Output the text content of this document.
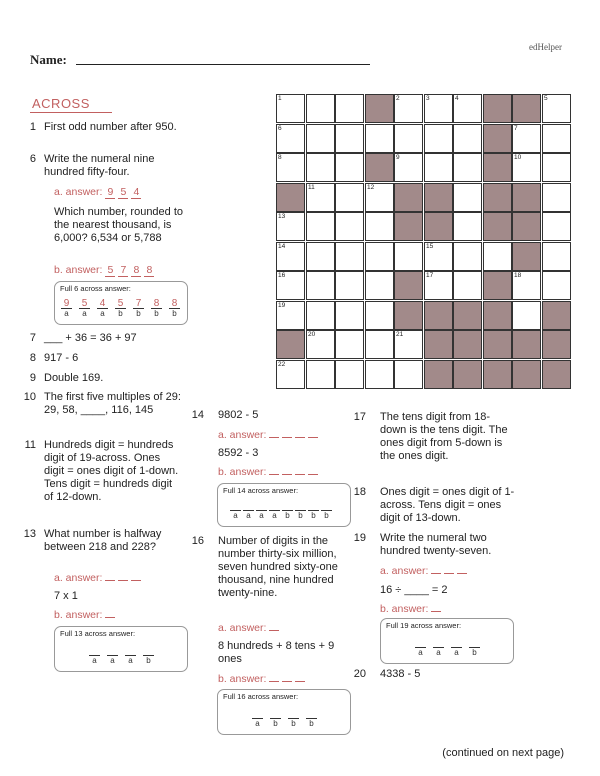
edHelper
Name:
ACROSS	1	2	3	4	5
6	7
8	9	10
11	12
13
14	15
16	17	18
19
20	21
22
1 First odd number after 950.
6 Write the numeral nine hundred fifty-four.
a. answer: 9 5 4
Which number, rounded to the nearest thousand, is 6,000? 6,534 or 5,788
b. answer: 5 7 8 8
Full 6 across answer:
9
a
5
a
4
a
5
b
7
b
8
b
8
b
7 ___ + 36 = 36 + 97
8 917 - 6
9 Double 169.
10 The first five multiples of 29:
29, 58, ____, 116, 145
11 Hundreds digit = hundreds digit of 19-across. Ones digit = ones digit of 1-down. Tens digit = hundreds digit of 12-down.
13 What number is halfway between 218 and 228?
a. answer:
7 x 1
b. answer:
Full 13 across answer:
a	a	a	b
14 9802 - 5
a. answer:
8592 - 3
b. answer:
Full 14 across answer:
a	a	a	a	b	b	b	b
16 Number of digits in the number thirty-six million, seven hundred sixty-one thousand, nine hundred twenty-nine.
a. answer:
8 hundreds + 8 tens + 9 ones
b. answer:
Full 16 across answer:
a	b	b	b
17 The tens digit from 18-down is the tens digit. The ones digit from 5-down is the ones digit.
18 Ones digit = ones digit of 1-across. Tens digit = ones digit of 13-down.
19 Write the numeral two hundred twenty-seven.
a. answer:
16 ÷ ____ = 2
b. answer:
Full 19 across answer:
a	a	a	b
20 4338 - 5
(continued on next page)
